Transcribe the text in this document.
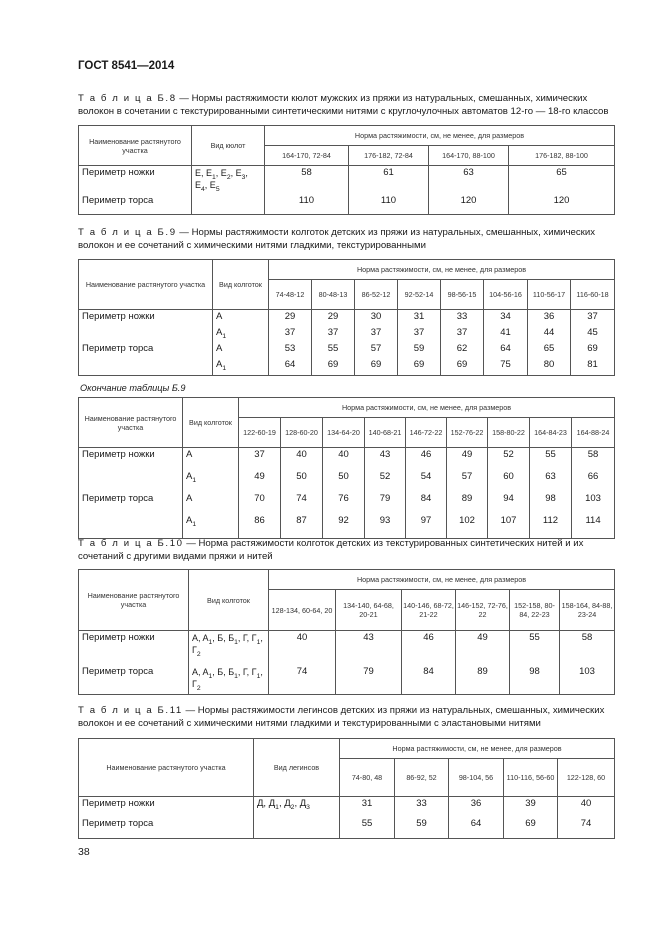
ГОСТ 8541—2014
Т а б л и ц а Б.8 — Нормы растяжимости кюлот мужских из пряжи из натуральных, смешанных, химических волокон в сочетании с текстурированными синтетическими нитями с круглочулочных автоматов 12-го — 18-го классов
Наименование растянутого участка	Вид кюлот	Норма растяжимости, см, не менее, для размеров			
		164-170, 72-84	176-182, 72-84	164-170, 88-100	176-182, 88-100
Периметр ножки	E, $E_1$, $E_2$, $E_3$, $E_4$, $E_5$	58	61	63	65
Периметр торса		110	110	120	120
Т а б л и ц а Б.9 — Нормы растяжимости колготок детских из пряжи из натуральных, смешанных, химических волокон и ее сочетаний с химическими нитями гладкими, текстурированными
Наименование растянутого участка	Вид колготок	Норма растяжимости, см, не менее, для размеров							
		74-48-12	80-48-13	86-52-12	92-52-14	98-56-15	104-56-16	110-56-17	116-60-18
Периметр ножки	A	29	29	30	31	33	34	36	37
	$A_1$	37	37	37	37	37	41	44	45
Периметр торса	A	53	55	57	59	62	64	65	69
	$A_1$	64	69	69	69	69	75	80	81
Окончание таблицы Б.9
Наименование растянутого участка	Вид колготок	Норма растяжимости, см, не менее, для размеров								
		122-60-19	128-60-20	134-64-20	140-68-21	146-72-22	152-76-22	158-80-22	164-84-23	164-88-24
Периметр ножки	A	37	40	40	43	46	49	52	55	58
	$A_1$	49	50	50	52	54	57	60	63	66
Периметр торса	A	70	74	76	79	84	89	94	98	103
	$A_1$	86	87	92	93	97	102	107	112	114
Т а б л и ц а Б.10 — Норма растяжимости колготок детских из текстурированных синтетических нитей и их сочетаний с другими видами пряжи и нитей
Наименование растянутого участка	Вид колготок	Норма растяжимости, см, не менее, для размеров					
		128-134, 60-64, 20	134-140, 64-68, 20-21	140-146, 68-72, 21-22	146-152, 72-76, 22	152-158, 80-84, 22-23	158-164, 84-88, 23-24
Периметр ножки	A, $A_1$, Б, $Б_1$, Г, $Г_1$, $Г_2$	40	43	46	49	55	58
Периметр торса	A, $A_1$, Б, $Б_1$, Г, $Г_1$, $Г_2$	74	79	84	89	98	103
Т а б л и ц а Б.11 — Нормы растяжимости легинсов детских из пряжи из натуральных, смешанных, химических волокон и ее сочетаний с химическими нитями гладкими и текстурированными с эластановыми нитями
Наименование растянутого участка	Вид легинсов	Норма растяжимости, см, не менее, для размеров				
		74-80, 48	86-92, 52	98-104, 56	110-116, 56-60	122-128, 60
Периметр ножки	Д, $Д_1$, $Д_2$, $Д_3$	31	33	36	39	40
Периметр торса		55	59	64	69	74
38
